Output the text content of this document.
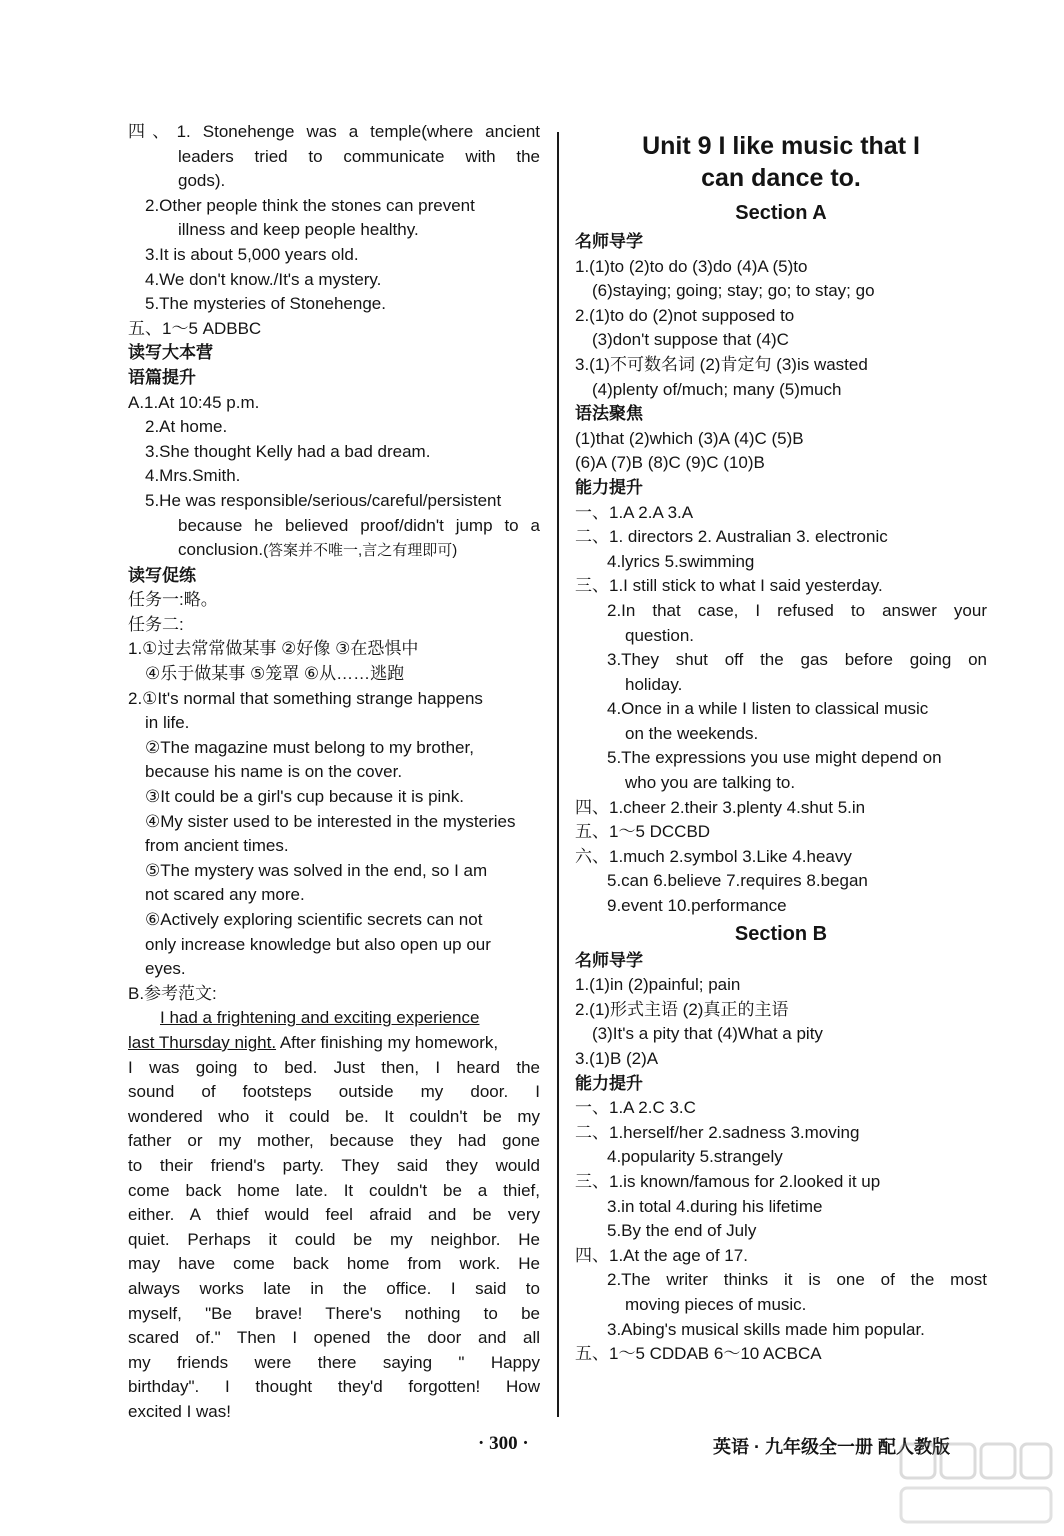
四、1. Stonehenge was a temple(where ancient
leaders tried to communicate with the
gods).
2.Other people think the stones can prevent
illness and keep people healthy.
3.It is about 5,000 years old.
4.We don't know./It's a mystery.
5.The mysteries of Stonehenge.
五、1～5 ADBBC
读写大本营
语篇提升
A.1.At 10:45 p.m.
2.At home.
3.She thought Kelly had a bad dream.
4.Mrs.Smith.
5.He was responsible/serious/careful/persistent
because he believed proof/didn't jump to a
conclusion.(答案并不唯一,言之有理即可)
读写促练
任务一:略。
任务二:
1.①过去常常做某事 ②好像 ③在恐惧中
④乐于做某事 ⑤笼罩 ⑥从……逃跑
2.①It's normal that something strange happens
in life.
②The magazine must belong to my brother,
because his name is on the cover.
③It could be a girl's cup because it is pink.
④My sister used to be interested in the mysteries
from ancient times.
⑤The mystery was solved in the end, so I am
not scared any more.
⑥Actively exploring scientific secrets can not
only increase knowledge but also open up our
eyes.
B.参考范文:
I had a frightening and exciting experience
last Thursday night. After finishing my homework,
I was going to bed. Just then, I heard the
sound of footsteps outside my door. I
wondered who it could be. It couldn't be my
father or my mother, because they had gone
to their friend's party. They said they would
come back home late. It couldn't be a thief,
either. A thief would feel afraid and be very
quiet. Perhaps it could be my neighbor. He
may have come back home from work. He
always works late in the office. I said to
myself, "Be brave! There's nothing to be
scared of." Then I opened the door and all
my friends were there saying " Happy
birthday". I thought they'd forgotten! How
excited I was!
Unit 9 I like music that I
can dance to.
Section A
名师导学
1.(1)to (2)to do (3)do (4)A (5)to
(6)staying; going; stay; go; to stay; go
2.(1)to do (2)not supposed to
(3)don't suppose that (4)C
3.(1)不可数名词 (2)肯定句 (3)is wasted
(4)plenty of/much; many (5)much
语法聚焦
(1)that (2)which (3)A (4)C (5)B
(6)A (7)B (8)C (9)C (10)B
能力提升
一、1.A 2.A 3.A
二、1. directors 2. Australian 3. electronic
4.lyrics 5.swimming
三、1.I still stick to what I said yesterday.
2.In that case, I refused to answer your
question.
3.They shut off the gas before going on
holiday.
4.Once in a while I listen to classical music
on the weekends.
5.The expressions you use might depend on
who you are talking to.
四、1.cheer 2.their 3.plenty 4.shut 5.in
五、1～5 DCCBD
六、1.much 2.symbol 3.Like 4.heavy
5.can 6.believe 7.requires 8.began
9.event 10.performance
Section B
名师导学
1.(1)in (2)painful; pain
2.(1)形式主语 (2)真正的主语
(3)It's a pity that (4)What a pity
3.(1)B (2)A
能力提升
一、1.A 2.C 3.C
二、1.herself/her 2.sadness 3.moving
4.popularity 5.strangely
三、1.is known/famous for 2.looked it up
3.in total 4.during his lifetime
5.By the end of July
四、1.At the age of 17.
2.The writer thinks it is one of the most
moving pieces of music.
3.Abing's musical skills made him popular.
五、1～5 CDDAB 6～10 ACBCA
· 300 ·	英语 · 九年级全一册 配人教版
